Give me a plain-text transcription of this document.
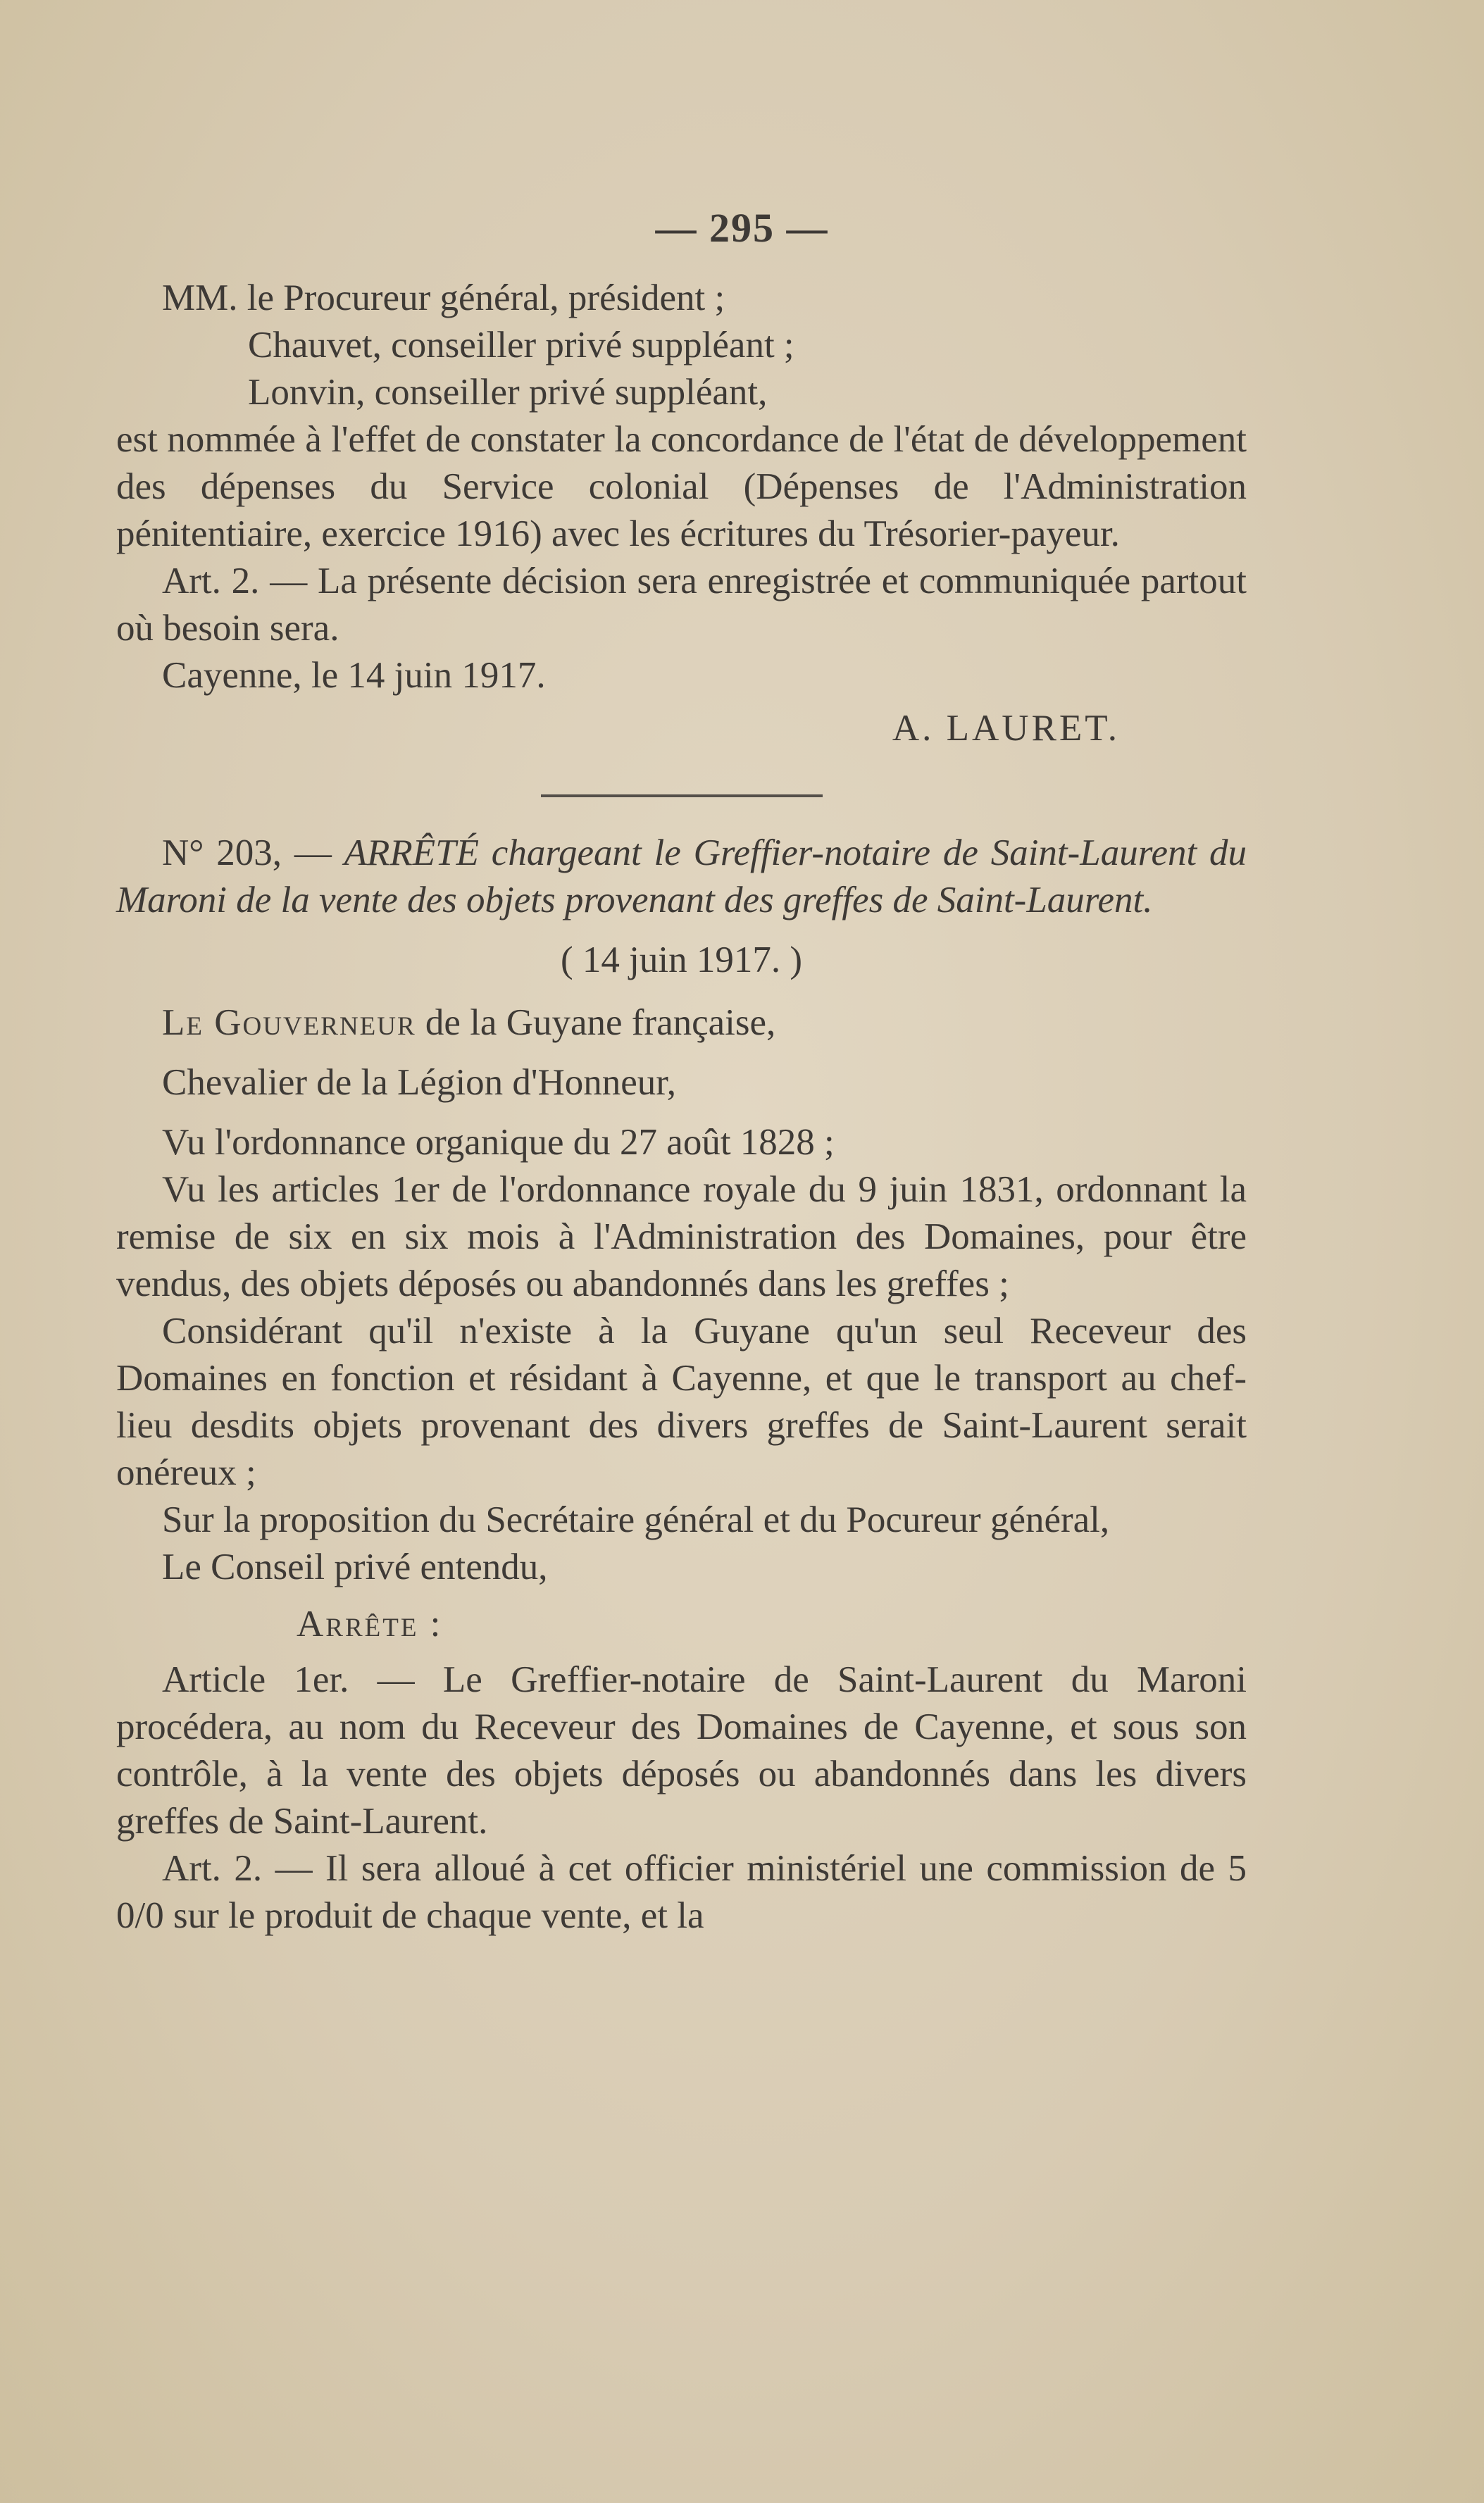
— 295 —

MM. le Procureur général, président ;

Chauvet, conseiller privé suppléant ;

Lonvin, conseiller privé suppléant,

est nommée à l'effet de constater la concordance de l'état de développement des dépenses du Service colonial (Dépenses de l'Administration pénitentiaire, exercice 1916) avec les écritures du Trésorier-payeur.

Art. 2. — La présente décision sera enregistrée et communiquée partout où besoin sera.

Cayenne, le 14 juin 1917.

A. LAURET.

N° 203, — ARRÊTÉ chargeant le Greffier-notaire de Saint-Laurent du Maroni de la vente des objets provenant des greffes de Saint-Laurent.

( 14 juin 1917. )

Le Gouverneur de la Guyane française,

Chevalier de la Légion d'Honneur,

Vu l'ordonnance organique du 27 août 1828 ;

Vu les articles 1er de l'ordonnance royale du 9 juin 1831, ordonnant la remise de six en six mois à l'Administration des Domaines, pour être vendus, des objets déposés ou abandonnés dans les greffes ;

Considérant qu'il n'existe à la Guyane qu'un seul Receveur des Domaines en fonction et résidant à Cayenne, et que le transport au chef-lieu desdits objets provenant des divers greffes de Saint-Laurent serait onéreux ;

Sur la proposition du Secrétaire général et du Pocureur général,

Le Conseil privé entendu,

Arrête :

Article 1er. — Le Greffier-notaire de Saint-Laurent du Maroni procédera, au nom du Receveur des Domaines de Cayenne, et sous son contrôle, à la vente des objets déposés ou abandonnés dans les divers greffes de Saint-Laurent.

Art. 2. — Il sera alloué à cet officier ministériel une commission de 5 0/0 sur le produit de chaque vente, et la
